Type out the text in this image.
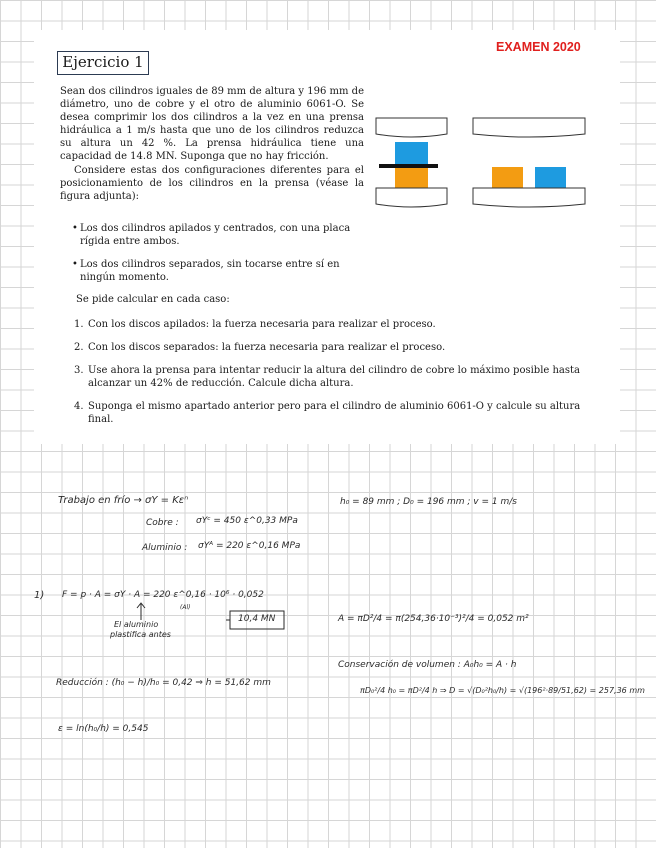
EXAMEN 2020
Ejercicio 1
Sean dos cilindros iguales de 89 mm de altura y 196 mm de diámetro, uno de cobre y el otro de aluminio 6061-O. Se desea comprimir los dos cilindros a la vez en una prensa hidráulica a 1 m/s hasta que uno de los cilindros reduzca su altura un 42 %. La prensa hidráulica tiene una capacidad de 14.8 MN. Suponga que no hay fricción.
Considere estas dos configuraciones diferentes para el posicionamiento de los cilindros en la prensa (véase la figura adjunta):
• Los dos cilindros apilados y centrados, con una placa rígida entre ambos.
• Los dos cilindros separados, sin tocarse entre sí en ningún momento.
Se pide calcular en cada caso:
1. Con los discos apilados: la fuerza necesaria para realizar el proceso.
2. Con los discos separados: la fuerza necesaria para realizar el proceso.
3. Use ahora la prensa para intentar reducir la altura del cilindro de cobre lo máximo posible hasta alcanzar un 42% de reducción. Calcule dicha altura.
4. Suponga el mismo apartado anterior pero para el cilindro de aluminio 6061-O y calcule su altura final.
Trabajo en frío → σY = Kεⁿ
Cobre : σYᶜ = 450 ε^0,33 MPa
Aluminio : σYᴬ = 220 ε^0,16 MPa
h₀ = 89 mm ; D₀ = 196 mm ; v = 1 m/s
1) F = p · A = σY · A = 220 ε^0,16 · 10⁶ · 0,052
(Al)
El aluminio
plastifica antes
10,4 MN	A = πD²/4 = π(254,36·10⁻³)²/4 = 0,052 m²
Conservación de volumen : A₀h₀ = A · h
πD₀²/4 h₀ = πD²/4 h ⇒ D = √(D₀²h₀/h) = √(196²·89/51,62) = 257,36 mm
Reducción : (h₀ − h)/h₀ = 0,42 ⇒ h = 51,62 mm
ε = ln(h₀/h) = 0,545
